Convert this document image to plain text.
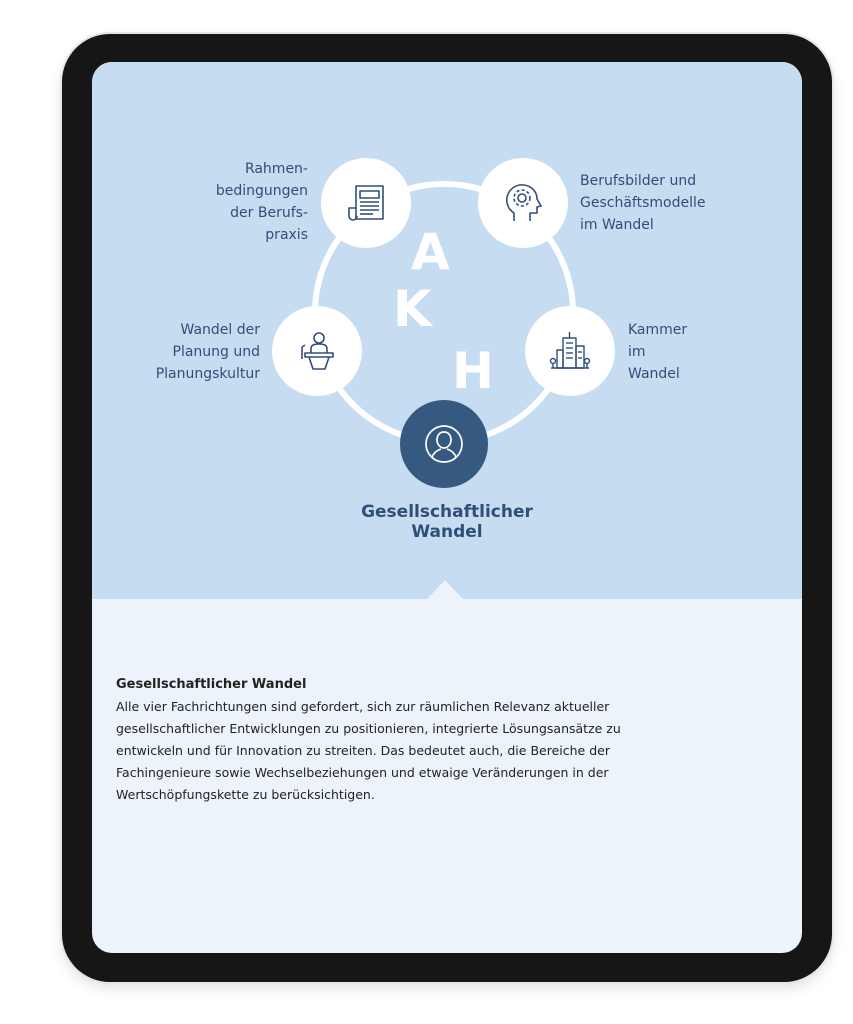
A
K
H
Rahmen-
bedingungen
der Berufs-
praxis
Berufsbilder und
Geschäftsmodelle
im Wandel
Wandel der
Planung und
Planungskultur
Kammer
im
Wandel
Gesellschaftlicher
Wandel
Gesellschaftlicher Wandel

Alle vier Fachrichtungen sind gefordert, sich zur räumlichen Relevanz aktueller

gesellschaftlicher Entwicklungen zu positionieren, integrierte Lösungsansätze zu

entwickeln und für Innovation zu streiten. Das bedeutet auch, die Bereiche der

Fachingenieure sowie Wechselbeziehungen und etwaige Veränderungen in der

Wertschöpfungskette zu berücksichtigen.
